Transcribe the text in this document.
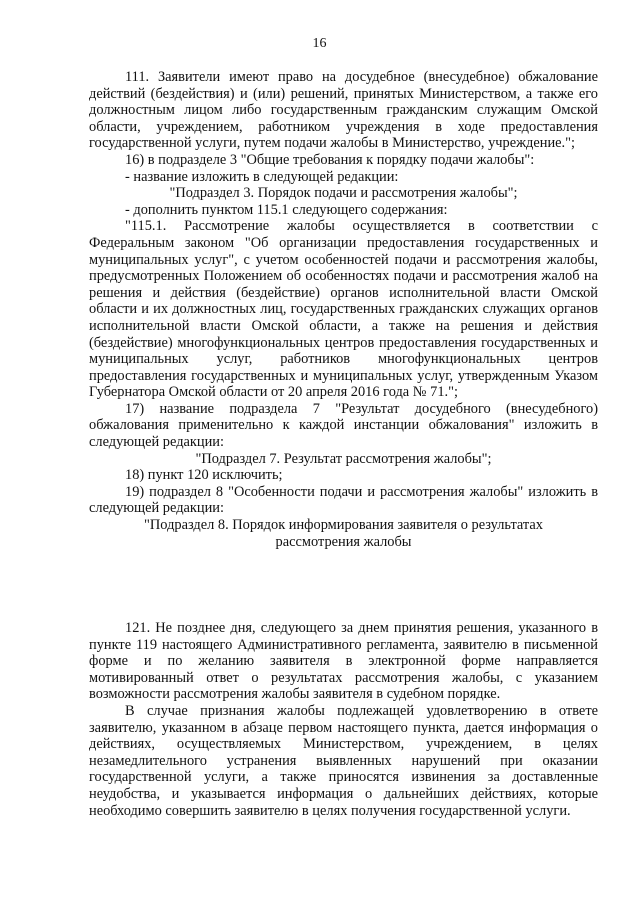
16

111. Заявители имеют право на досудебное (внесудебное) обжалование действий (бездействия) и (или) решений, принятых Министерством, а также его должностным лицом либо государственным гражданским служащим Омской области, учреждением, работником учреждения в ходе предоставления государственной услуги, путем подачи жалобы в Министерство, учреждение.";

16) в подразделе 3 "Общие требования к порядку подачи жалобы":

- название изложить в следующей редакции:

"Подраздел 3. Порядок подачи и рассмотрения жалобы";

- дополнить пунктом 115.1 следующего содержания:

"115.1. Рассмотрение жалобы осуществляется в соответствии с Федеральным законом "Об организации предоставления государственных и муниципальных услуг", с учетом особенностей подачи и рассмотрения жалобы, предусмотренных Положением об особенностях подачи и рассмотрения жалоб на решения и действия (бездействие) органов исполнительной власти Омской области и их должностных лиц, государственных гражданских служащих органов исполнительной власти Омской области, а также на решения и действия (бездействие) многофункциональных центров предоставления государственных и муниципальных услуг, работников многофункциональных центров предоставления государственных и муниципальных услуг, утвержденным Указом Губернатора Омской области от 20 апреля 2016 года № 71.";

17) название подраздела 7 "Результат досудебного (внесудебного) обжалования применительно к каждой инстанции обжалования" изложить в следующей редакции:

"Подраздел 7. Результат рассмотрения жалобы";

18) пункт 120 исключить;

19) подраздел 8 "Особенности подачи и рассмотрения жалобы" изложить в следующей редакции:

"Подраздел 8. Порядок информирования заявителя о результатах рассмотрения жалобы

121. Не позднее дня, следующего за днем принятия решения, указанного в пункте 119 настоящего Административного регламента, заявителю в письменной форме и по желанию заявителя в электронной форме направляется мотивированный ответ о результатах рассмотрения жалобы, с указанием возможности рассмотрения жалобы заявителя в судебном порядке.

В случае признания жалобы подлежащей удовлетворению в ответе заявителю, указанном в абзаце первом настоящего пункта, дается информация о действиях, осуществляемых Министерством, учреждением, в целях незамедлительного устранения выявленных нарушений при оказании государственной услуги, а также приносятся извинения за доставленные неудобства, и указывается информация о дальнейших действиях, которые необходимо совершить заявителю в целях получения государственной услуги.
